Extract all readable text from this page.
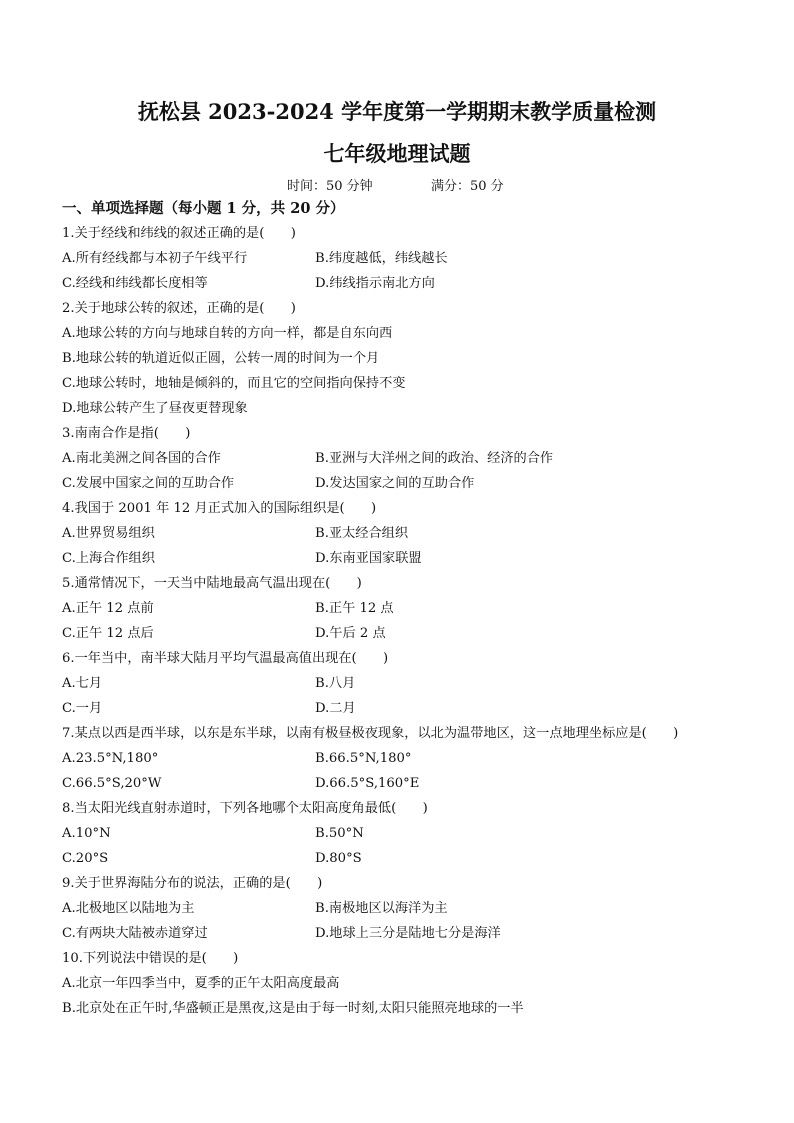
抚松县 2023-2024 学年度第一学期期末教学质量检测
七年级地理试题
时间：50 分钟	满分：50 分
一、单项选择题（每小题 1 分，共 20 分）
1.关于经线和纬线的叙述正确的是(　　)
A.所有经线都与本初子午线平行	B.纬度越低，纬线越长
C.经线和纬线都长度相等	D.纬线指示南北方向
2.关于地球公转的叙述，正确的是(　　)
A.地球公转的方向与地球自转的方向一样，都是自东向西
B.地球公转的轨道近似正圆，公转一周的时间为一个月
C.地球公转时，地轴是倾斜的，而且它的空间指向保持不变
D.地球公转产生了昼夜更替现象
3.南南合作是指(　　)
A.南北美洲之间各国的合作	B.亚洲与大洋州之间的政治、经济的合作
C.发展中国家之间的互助合作	D.发达国家之间的互助合作
4.我国于 2001 年 12 月正式加入的国际组织是(　　)
A.世界贸易组织	B.亚太经合组织
C.上海合作组织	D.东南亚国家联盟
5.通常情况下，一天当中陆地最高气温出现在(　　)
A.正午 12 点前	B.正午 12 点
C.正午 12 点后	D.午后 2 点
6.一年当中，南半球大陆月平均气温最高值出现在(　　)
A.七月	B.八月
C.一月	D.二月
7.某点以西是西半球，以东是东半球，以南有极昼极夜现象，以北为温带地区，这一点地理坐标应是(　　)
A.23.5°N,180°	B.66.5°N,180°
C.66.5°S,20°W	D.66.5°S,160°E
8.当太阳光线直射赤道时，下列各地哪个太阳高度角最低(　　)
A.10°N	B.50°N
C.20°S	D.80°S
9.关于世界海陆分布的说法，正确的是(　　)
A.北极地区以陆地为主	B.南极地区以海洋为主
C.有两块大陆被赤道穿过	D.地球上三分是陆地七分是海洋
10.下列说法中错误的是(　　)
A.北京一年四季当中，夏季的正午太阳高度最高
B.北京处在正午时,华盛顿正是黑夜,这是由于每一时刻,太阳只能照亮地球的一半
